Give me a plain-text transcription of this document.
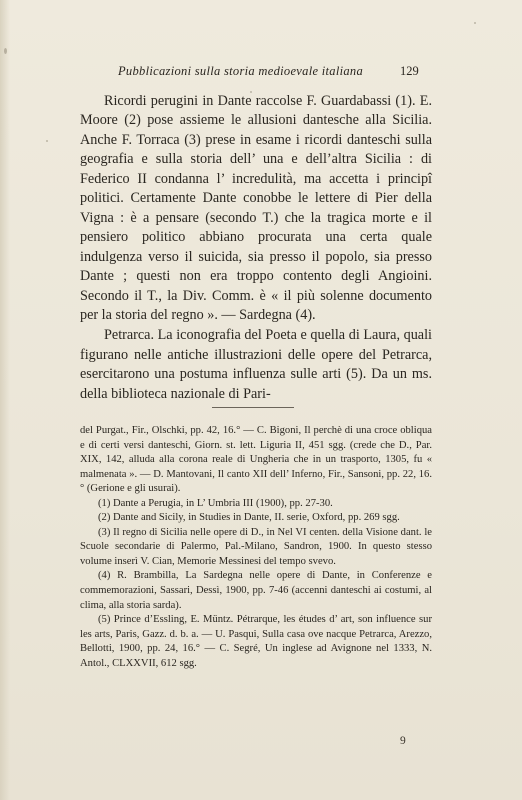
Pubblicazioni sulla storia medioevale italiana	129

Ricordi perugini in Dante raccolse F. Guardabassi (1). E. Moore (2) pose assieme le allusioni dantesche alla Sicilia. Anche F. Torraca (3) prese in esame i ricordi danteschi sulla geografia e sulla storia dell’ una e dell’altra Sicilia : di Federico II condanna l’ incredulità, ma accetta i principî politici. Certamente Dante conobbe le lettere di Pier della Vigna : è a pensare (secondo T.) che la tragica morte e il pensiero politico abbiano procurata una certa quale indulgenza verso il suicida, sia presso il popolo, sia presso Dante ; questi non era troppo contento degli Angioini. Secondo il T., la Div. Comm. è « il più solenne documento per la storia del regno ». — Sardegna (4).

Petrarca. La iconografia del Poeta e quella di Laura, quali figurano nelle antiche illustrazioni delle opere del Petrarca, esercitarono una postuma influenza sulle arti (5). Da un ms. della biblioteca nazionale di Pari-

del Purgat., Fir., Olschki, pp. 42, 16.° — C. Bigoni, Il perchè di una croce obliqua e di certi versi danteschi, Giorn. st. lett. Liguria II, 451 sgg. (crede che D., Par. XIX, 142, alluda alla corona reale di Ungheria che in un trasporto, 1305, fu « malmenata ». — D. Mantovani, Il canto XII dell’ Inferno, Fir., Sansoni, pp. 22, 16.° (Gerione e gli usurai).

(1) Dante a Perugia, in L’ Umbria III (1900), pp. 27-30.

(2) Dante and Sicily, in Studies in Dante, II. serie, Oxford, pp. 269 sgg.

(3) Il regno di Sicilia nelle opere di D., in Nel VI centen. della Visione dant. le Scuole secondarie di Palermo, Pal.-Milano, Sandron, 1900. In questo stesso volume inserì V. Cian, Memorie Messinesi del tempo svevo.

(4) R. Brambilla, La Sardegna nelle opere di Dante, in Conferenze e commemorazioni, Sassari, Dessì, 1900, pp. 7-46 (accenni danteschi ai costumi, al clima, alla storia sarda).

(5) Prince d’Essling, E. Müntz. Pétrarque, les études d’ art, son influence sur les arts, Paris, Gazz. d. b. a. — U. Pasqui, Sulla casa ove nacque Petrarca, Arezzo, Bellotti, 1900, pp. 24, 16.° — C. Segré, Un inglese ad Avignone nel 1333, N. Antol., CLXXVII, 612 sgg.

9
